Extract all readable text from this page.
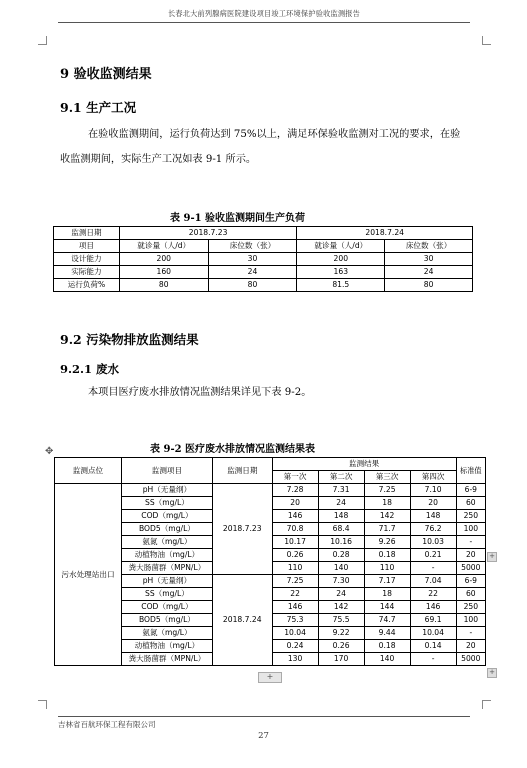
长春北大前列腺病医院建设项目竣工环境保护验收监测报告
9 验收监测结果
9.1 生产工况
在验收监测期间，运行负荷达到 75%以上，满足环保验收监测对工况的要求，在验收监测期间，实际生产工况如表 9-1 所示。
表 9-1 验收监测期间生产负荷
监测日期	2018.7.23		2018.7.24	
项目	就诊量（人/d）	床位数（张）	就诊量（人/d）	床位数（张）
设计能力	200	30	200	30
实际能力	160	24	163	24
运行负荷%	80	80	81.5	80
9.2 污染物排放监测结果
9.2.1 废水
本项目医疗废水排放情况监测结果详见下表 9-2。
表 9-2 医疗废水排放情况监测结果表
✥
监测点位	监测项目	监测日期	监测结果				标准值
			第一次	第二次	第三次	第四次	
污水处理站出口	pH（无量纲）	2018.7.23	7.28	7.31	7.25	7.10	6-9
	SS（mg/L）		20	24	18	20	60
	COD（mg/L）		146	148	142	148	250
	BOD5（mg/L）		70.8	68.4	71.7	76.2	100
	氨氮（mg/L）		10.17	10.16	9.26	10.03	-
	动植物油（mg/L）		0.26	0.28	0.18	0.21	20
	粪大肠菌群（MPN/L）		110	140	110	-	5000
	pH（无量纲）	2018.7.24	7.25	7.30	7.17	7.04	6-9
	SS（mg/L）		22	24	18	22	60
	COD（mg/L）		146	142	144	146	250
	BOD5（mg/L）		75.3	75.5	74.7	69.1	100
	氨氮（mg/L）		10.04	9.22	9.44	10.04	-
	动植物油（mg/L）		0.24	0.26	0.18	0.14	20
	粪大肠菌群（MPN/L）		130	170	140	-	5000
+
+
+
吉林省百航环保工程有限公司
27
